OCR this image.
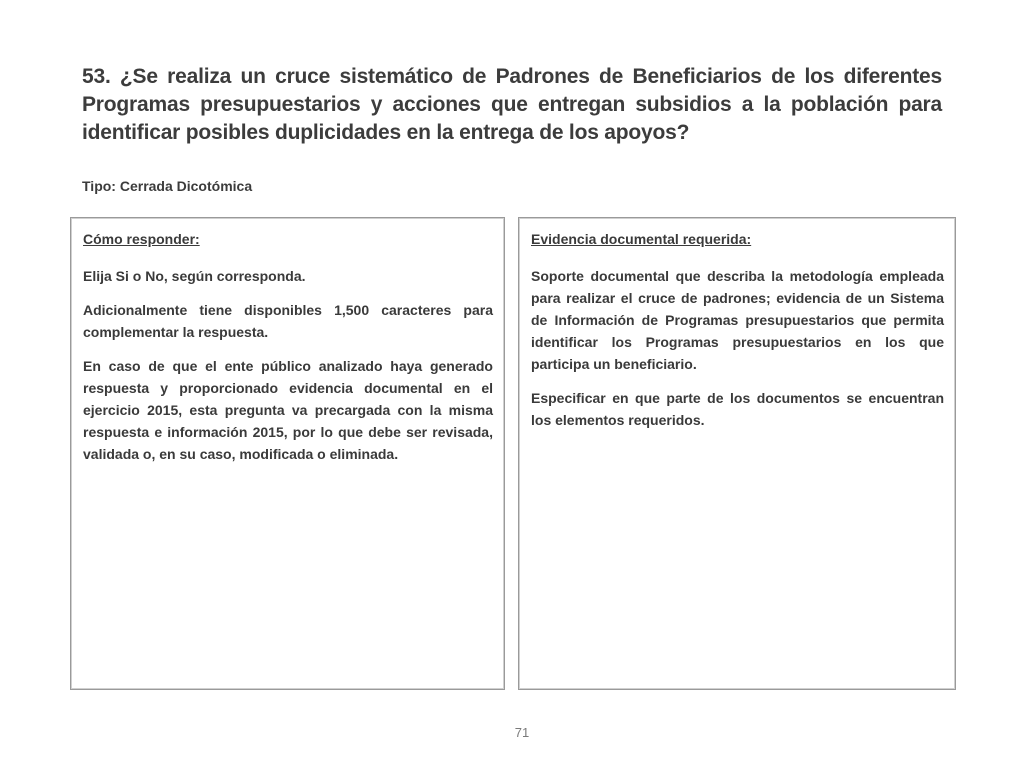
53. ¿Se realiza un cruce sistemático de Padrones de Beneficiarios de los diferentes Programas presupuestarios y acciones que entregan subsidios a la población para identificar posibles duplicidades en la entrega de los apoyos?
Tipo: Cerrada Dicotómica
Cómo responder:
Elija Si o No, según corresponda.
Adicionalmente tiene disponibles 1,500 caracteres para complementar la respuesta.
En caso de que el ente público analizado haya generado respuesta y proporcionado evidencia documental en el ejercicio 2015, esta pregunta va precargada con la misma respuesta e información 2015, por lo que debe ser revisada, validada o, en su caso, modificada o eliminada.
Evidencia documental requerida:
Soporte documental que describa la metodología empleada para realizar el cruce de padrones; evidencia de un Sistema de Información de Programas presupuestarios que permita identificar los Programas presupuestarios en los que participa un beneficiario.
Especificar en que parte de los documentos se encuentran los elementos requeridos.
71
